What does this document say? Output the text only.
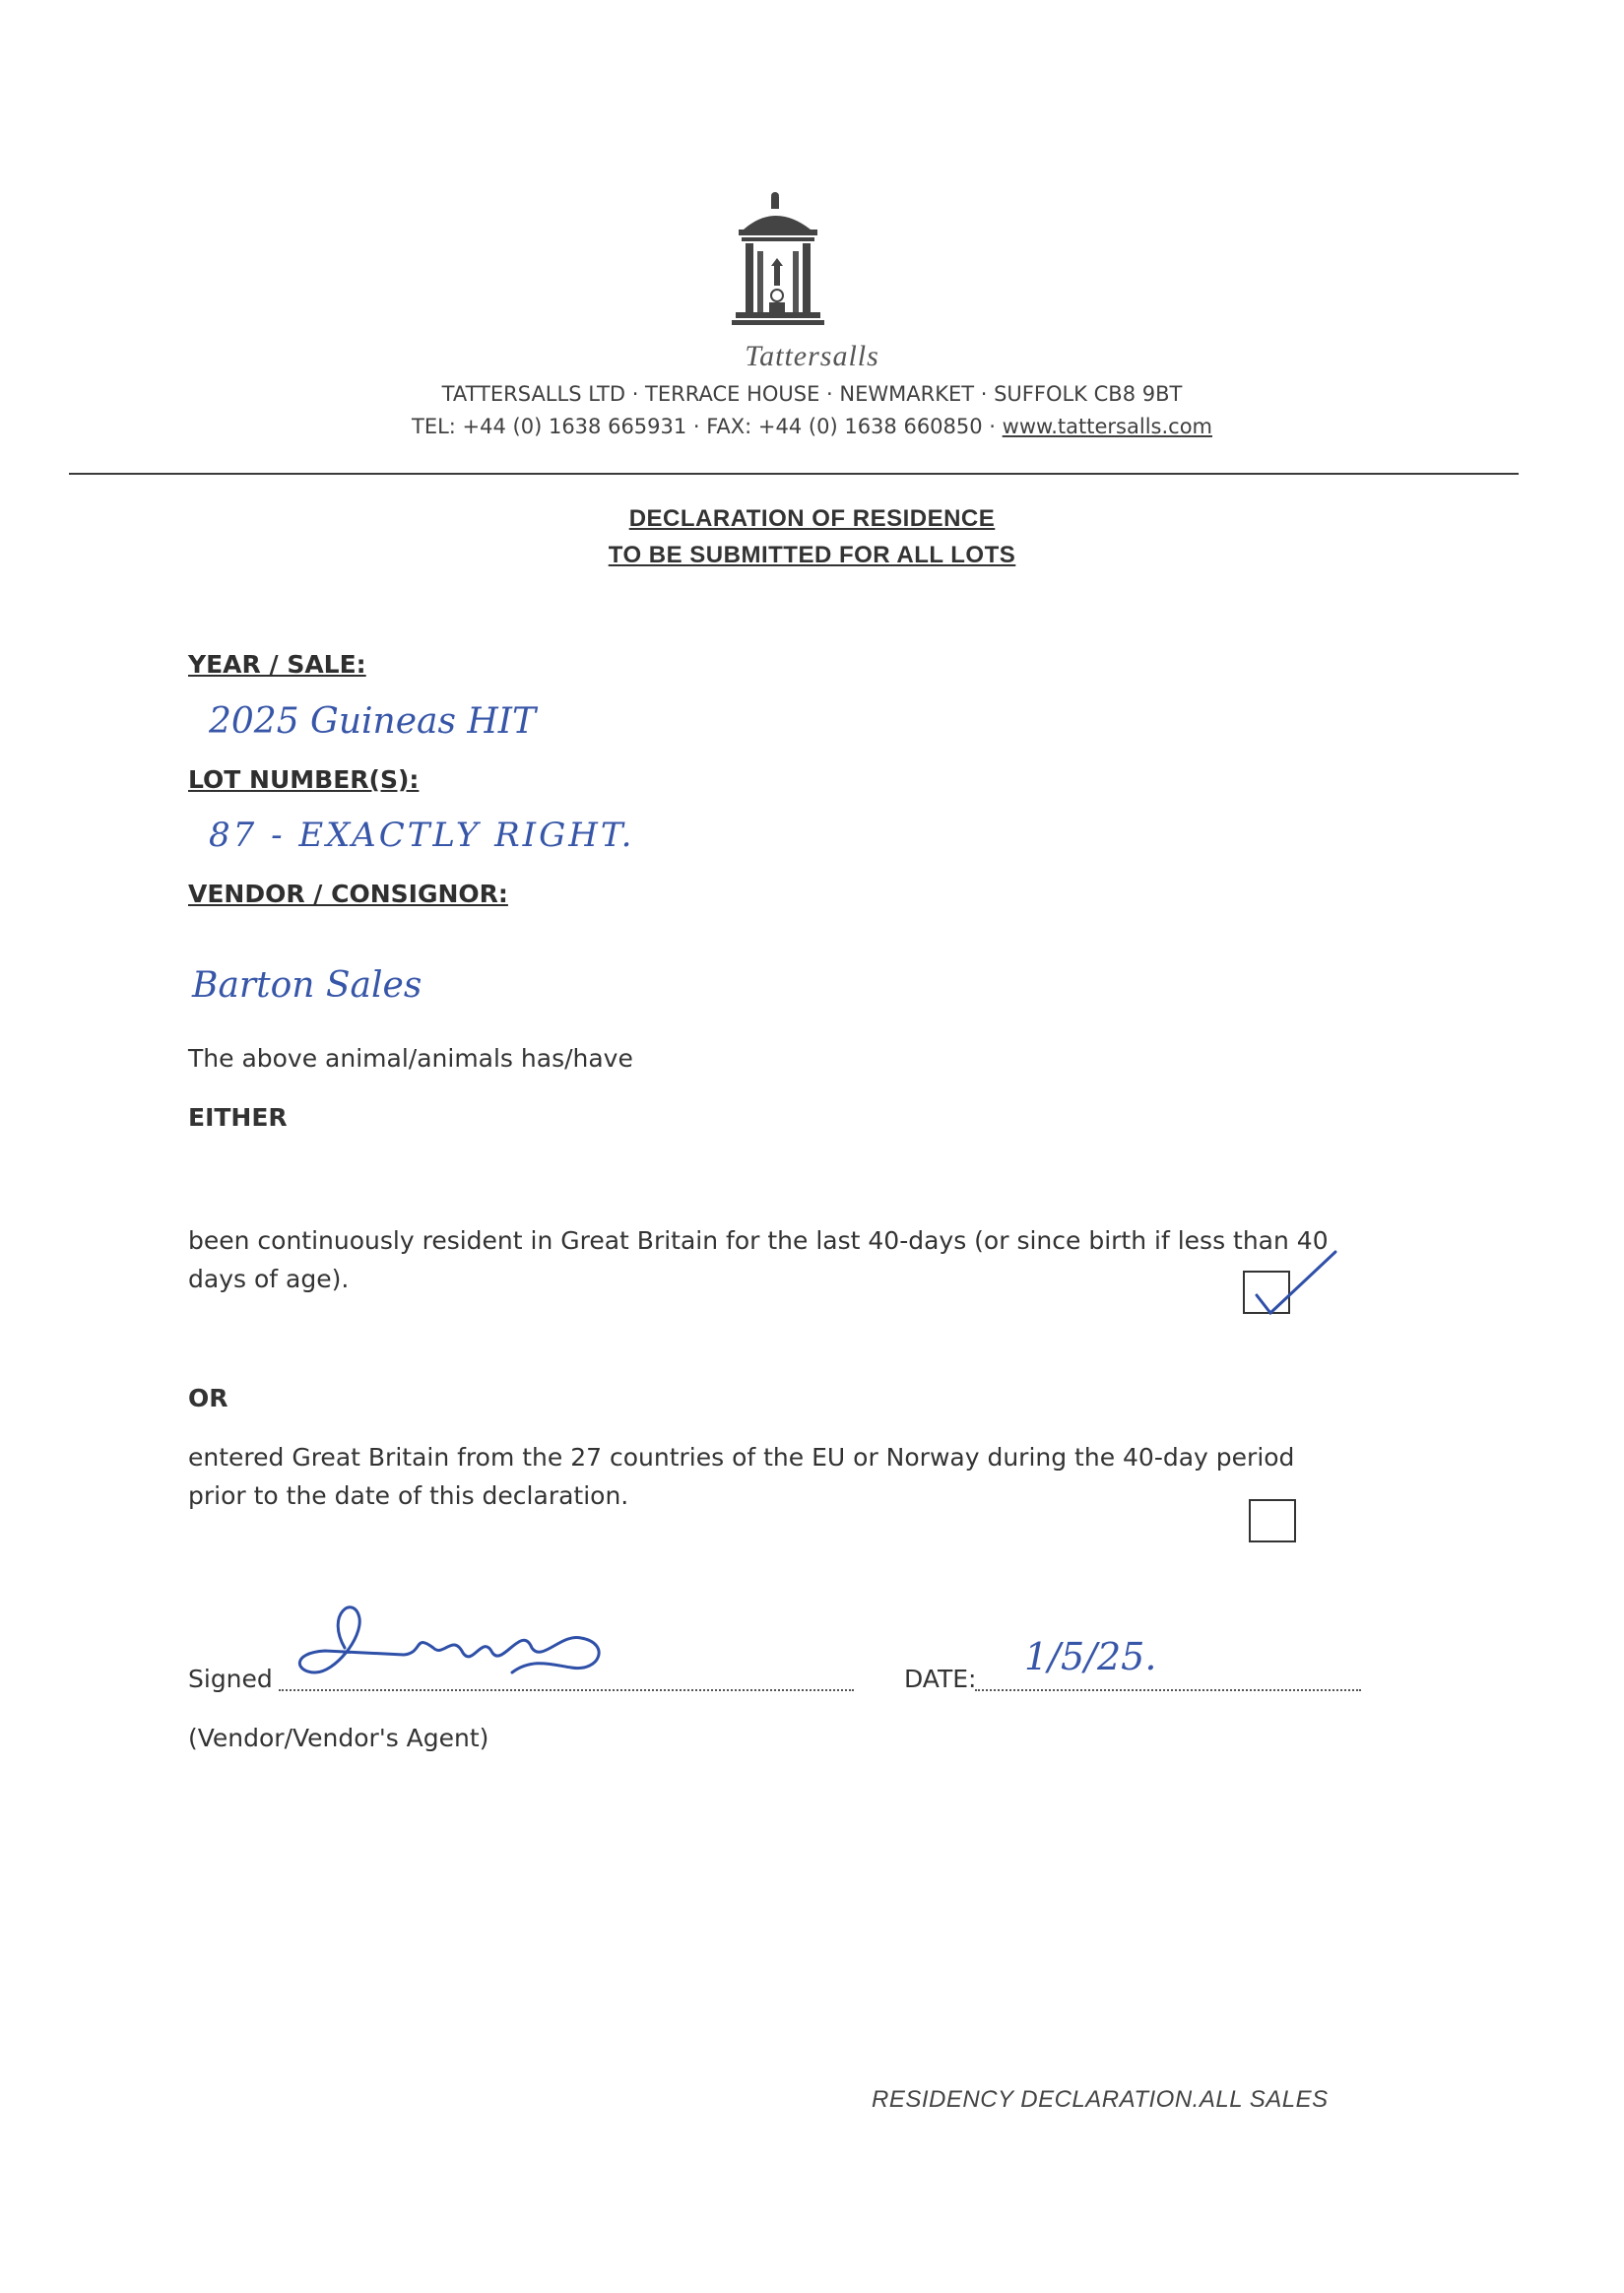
Tattersalls
TATTERSALLS LTD · TERRACE HOUSE · NEWMARKET · SUFFOLK CB8 9BT
TEL: +44 (0) 1638 665931 · FAX: +44 (0) 1638 660850 · www.tattersalls.com
DECLARATION OF RESIDENCE
TO BE SUBMITTED FOR ALL LOTS
YEAR / SALE:
2025 Guineas HIT
LOT NUMBER(S):
87 - EXACTLY RIGHT.
VENDOR / CONSIGNOR:
Barton Sales
The above animal/animals has/have
EITHER
been continuously resident in Great Britain for the last 40-days (or since birth if less than 40
days of age).
OR
entered Great Britain from the 27 countries of the EU or Norway during the 40-day period
prior to the date of this declaration.
Signed	DATE:
1/5/25.
(Vendor/Vendor's Agent)
RESIDENCY DECLARATION.ALL SALES
